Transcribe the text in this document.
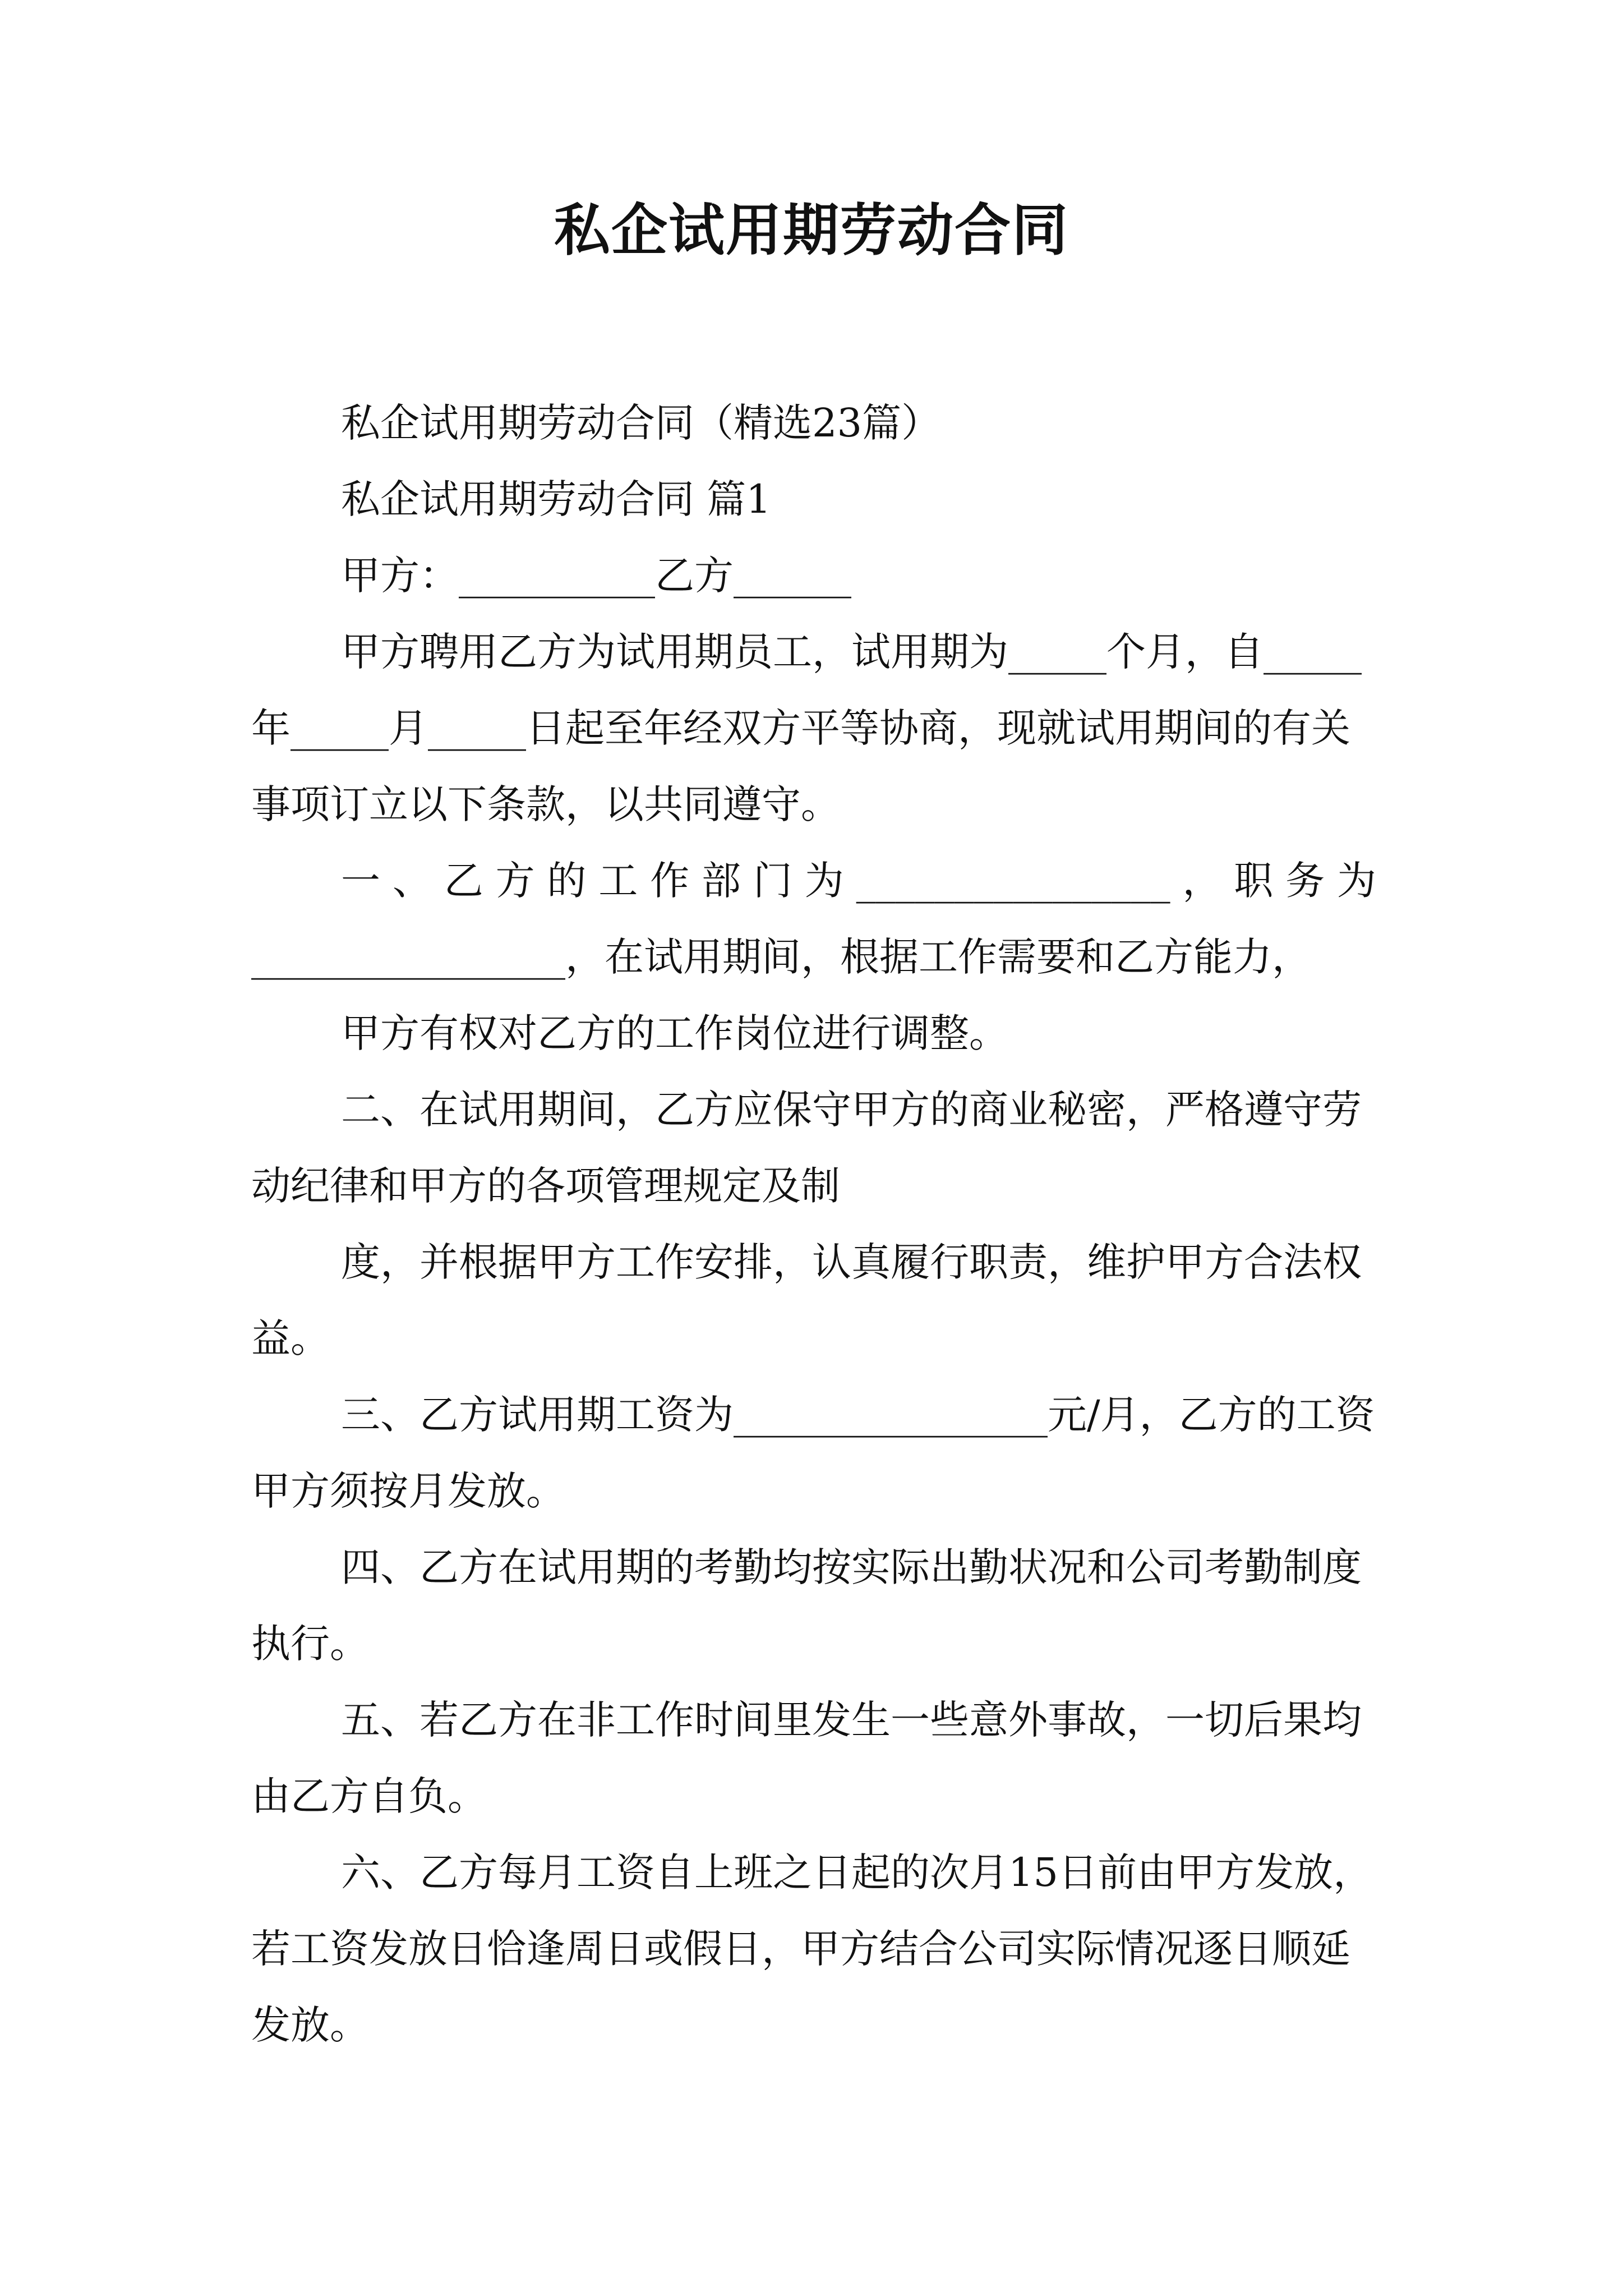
私企试用期劳动合同

私企试用期劳动合同（精选23篇）

私企试用期劳动合同 篇1

甲方：__________乙方______

甲方聘用乙方为试用期员工，试用期为_____个月，自_____年_____月_____日起至年经双方平等协商，现就试用期间的有关事项订立以下条款，以共同遵守。

一、乙方的工作部门为________________，职务为

________________，在试用期间，根据工作需要和乙方能力，

甲方有权对乙方的工作岗位进行调整。

二、在试用期间，乙方应保守甲方的商业秘密，严格遵守劳动纪律和甲方的各项管理规定及制

度，并根据甲方工作安排，认真履行职责，维护甲方合法权益。

三、乙方试用期工资为________________元/月，乙方的工资甲方须按月发放。

四、乙方在试用期的考勤均按实际出勤状况和公司考勤制度执行。

五、若乙方在非工作时间里发生一些意外事故，一切后果均由乙方自负。

六、乙方每月工资自上班之日起的次月15日前由甲方发放，若工资发放日恰逢周日或假日，甲方结合公司实际情况逐日顺延发放。
